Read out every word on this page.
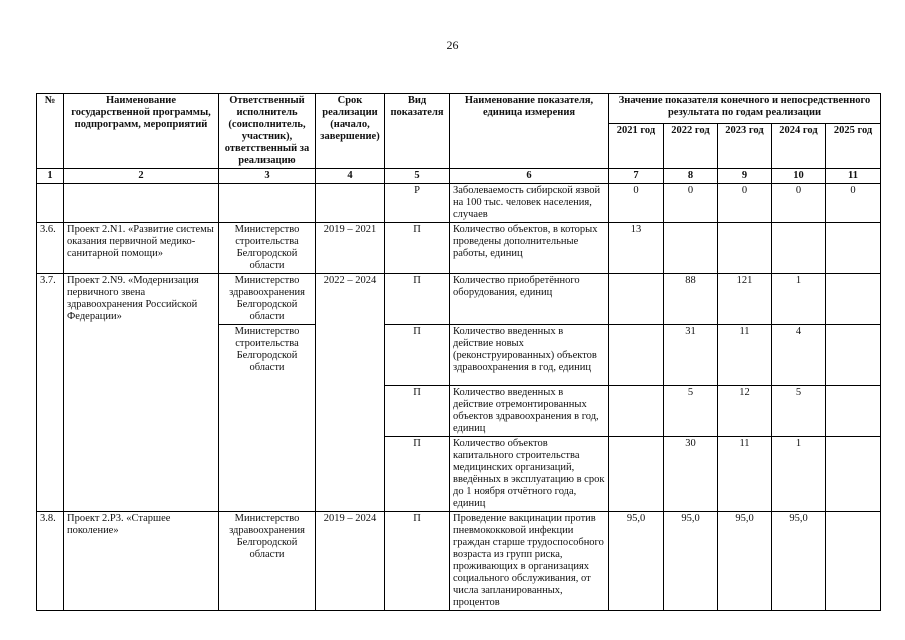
26
№	Наименование государственной программы, подпрограмм, мероприятий	Ответственный исполнитель (соисполнитель, участник), ответственный за реализацию	Срок реализации (начало, завершение)	Вид показателя	Наименование показателя, единица измерения	Значение показателя конечного и непосредственного результата по годам реализации				
						2021 год	2022 год	2023 год	2024 год	2025 год
1	2	3	4	5	6	7	8	9	10	11
				Р	Заболеваемость сибирской язвой на 100 тыс. человек населения, случаев	0	0	0	0	0
3.6.	Проект 2.N1. «Развитие системы оказания первичной медико-санитарной помощи»	Министерство строительства Белгородской области	2019 – 2021	П	Количество объектов, в которых проведены дополнительные работы, единиц	13				
3.7.	Проект 2.N9. «Модернизация первичного звена здравоохранения Российской Федерации»	Министерство здравоохранения Белгородской области	2022 – 2024	П	Количество приобретённого оборудования, единиц		88	121	1	
		Министерство строительства Белгородской области		П	Количество введенных в действие новых (реконструированных) объектов здравоохранения в год, единиц		31	11	4	
				П	Количество введенных в действие отремонтированных объектов здравоохранения в год, единиц		5	12	5	
				П	Количество объектов капитального строительства медицинских организаций, введённых в эксплуатацию в срок до 1 ноября отчётного года, единиц		30	11	1	
3.8.	Проект 2.Р3. «Старшее поколение»	Министерство здравоохранения Белгородской области	2019 – 2024	П	Проведение вакцинации против пневмококковой инфекции граждан старше трудоспособного возраста из групп риска, проживающих в организациях социального обслуживания, от числа запланированных, процентов	95,0	95,0	95,0	95,0	
